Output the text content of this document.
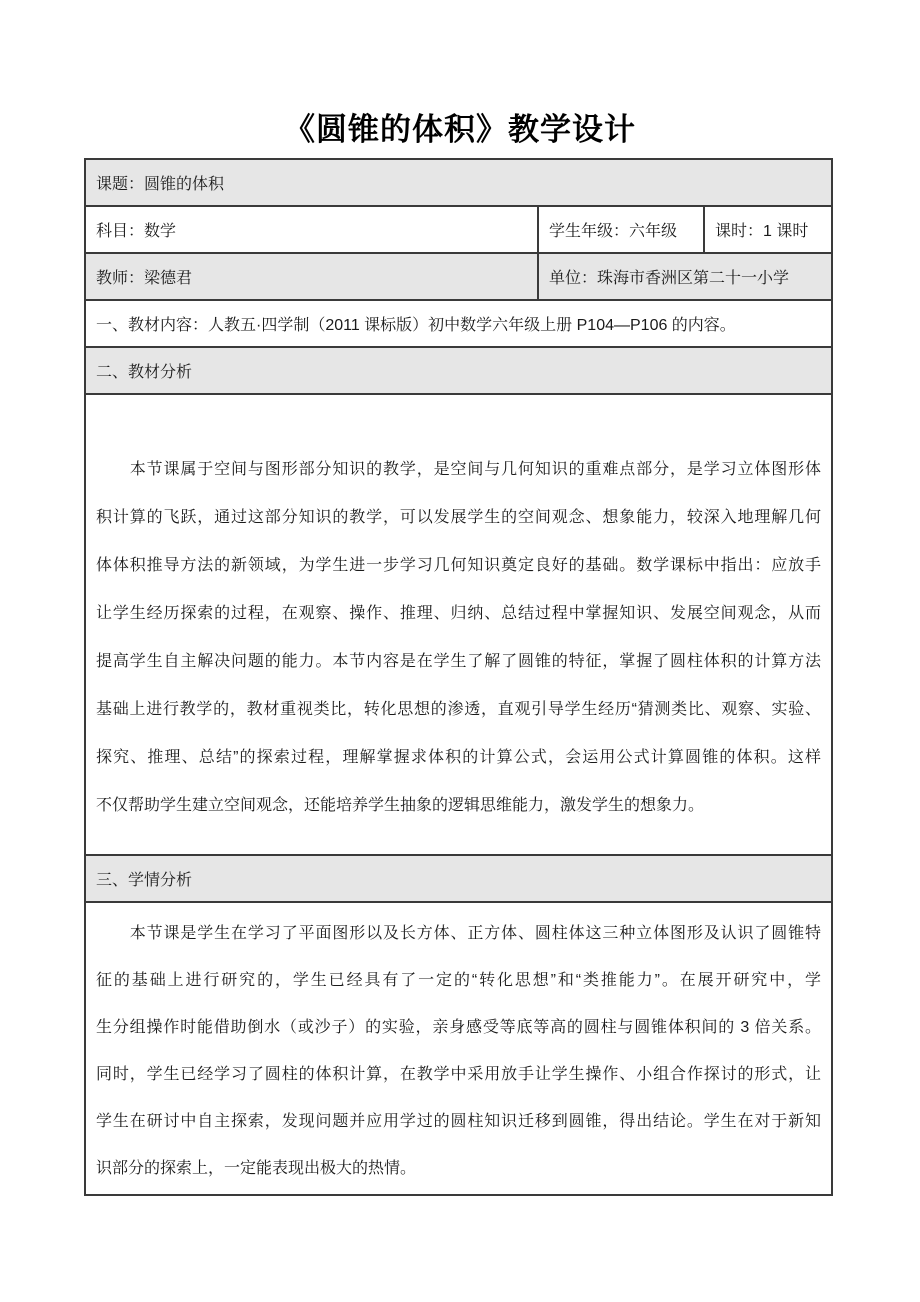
《圆锥的体积》教学设计
课题：圆锥的体积		
科目：数学	学生年级：六年级	课时：1 课时
教师：梁德君	单位：珠海市香洲区第二十一小学	
一、教材内容：人教五·四学制（2011 课标版）初中数学六年级上册 P104—P106 的内容。		
二、教材分析		

　　本节课属于空间与图形部分知识的教学，是空间与几何知识的重难点部分，是学习立体图形体
积计算的飞跃，通过这部分知识的教学，可以发展学生的空间观念、想象能力，较深入地理解几何
体体积推导方法的新领域，为学生进一步学习几何知识奠定良好的基础。数学课标中指出：应放手
让学生经历探索的过程，在观察、操作、推理、归纳、总结过程中掌握知识、发展空间观念，从而
提高学生自主解决问题的能力。本节内容是在学生了解了圆锥的特征，掌握了圆柱体积的计算方法
基础上进行教学的，教材重视类比，转化思想的渗透，直观引导学生经历“猜测类比、观察、实验、
探究、推理、总结”的探索过程，理解掌握求体积的计算公式，会运用公式计算圆锥的体积。这样
不仅帮助学生建立空间观念，还能培养学生抽象的逻辑思维能力，激发学生的想象力。

三、学情分析		

　　本节课是学生在学习了平面图形以及长方体、正方体、圆柱体这三种立体图形及认识了圆锥特
征的基础上进行研究的，学生已经具有了一定的“转化思想”和“类推能力”。在展开研究中，学
生分组操作时能借助倒水（或沙子）的实验，亲身感受等底等高的圆柱与圆锥体积间的 3 倍关系。
同时，学生已经学习了圆柱的体积计算，在教学中采用放手让学生操作、小组合作探讨的形式，让
学生在研讨中自主探索，发现问题并应用学过的圆柱知识迁移到圆锥，得出结论。学生在对于新知
识部分的探索上，一定能表现出极大的热情。
